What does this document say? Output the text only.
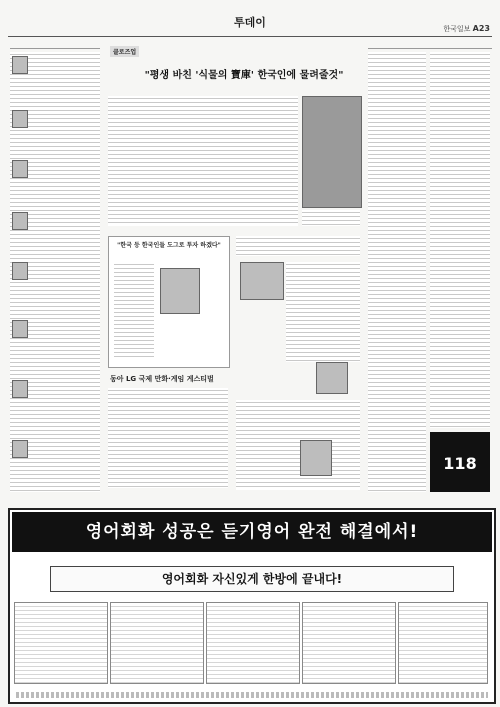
투데이	한국일보 A23

클로즈업
"평생 바친 '식물의 寶庫' 한국인에 물려줄것"
"한국 등 한국인들 도그로 투자 하겠다"
동아 LG 국제 만화·게임 게스티벌

118
영어회화 성공은 듣기영어 완전 해결에서!
영어회화 자신있게 한방에 끝내다!
